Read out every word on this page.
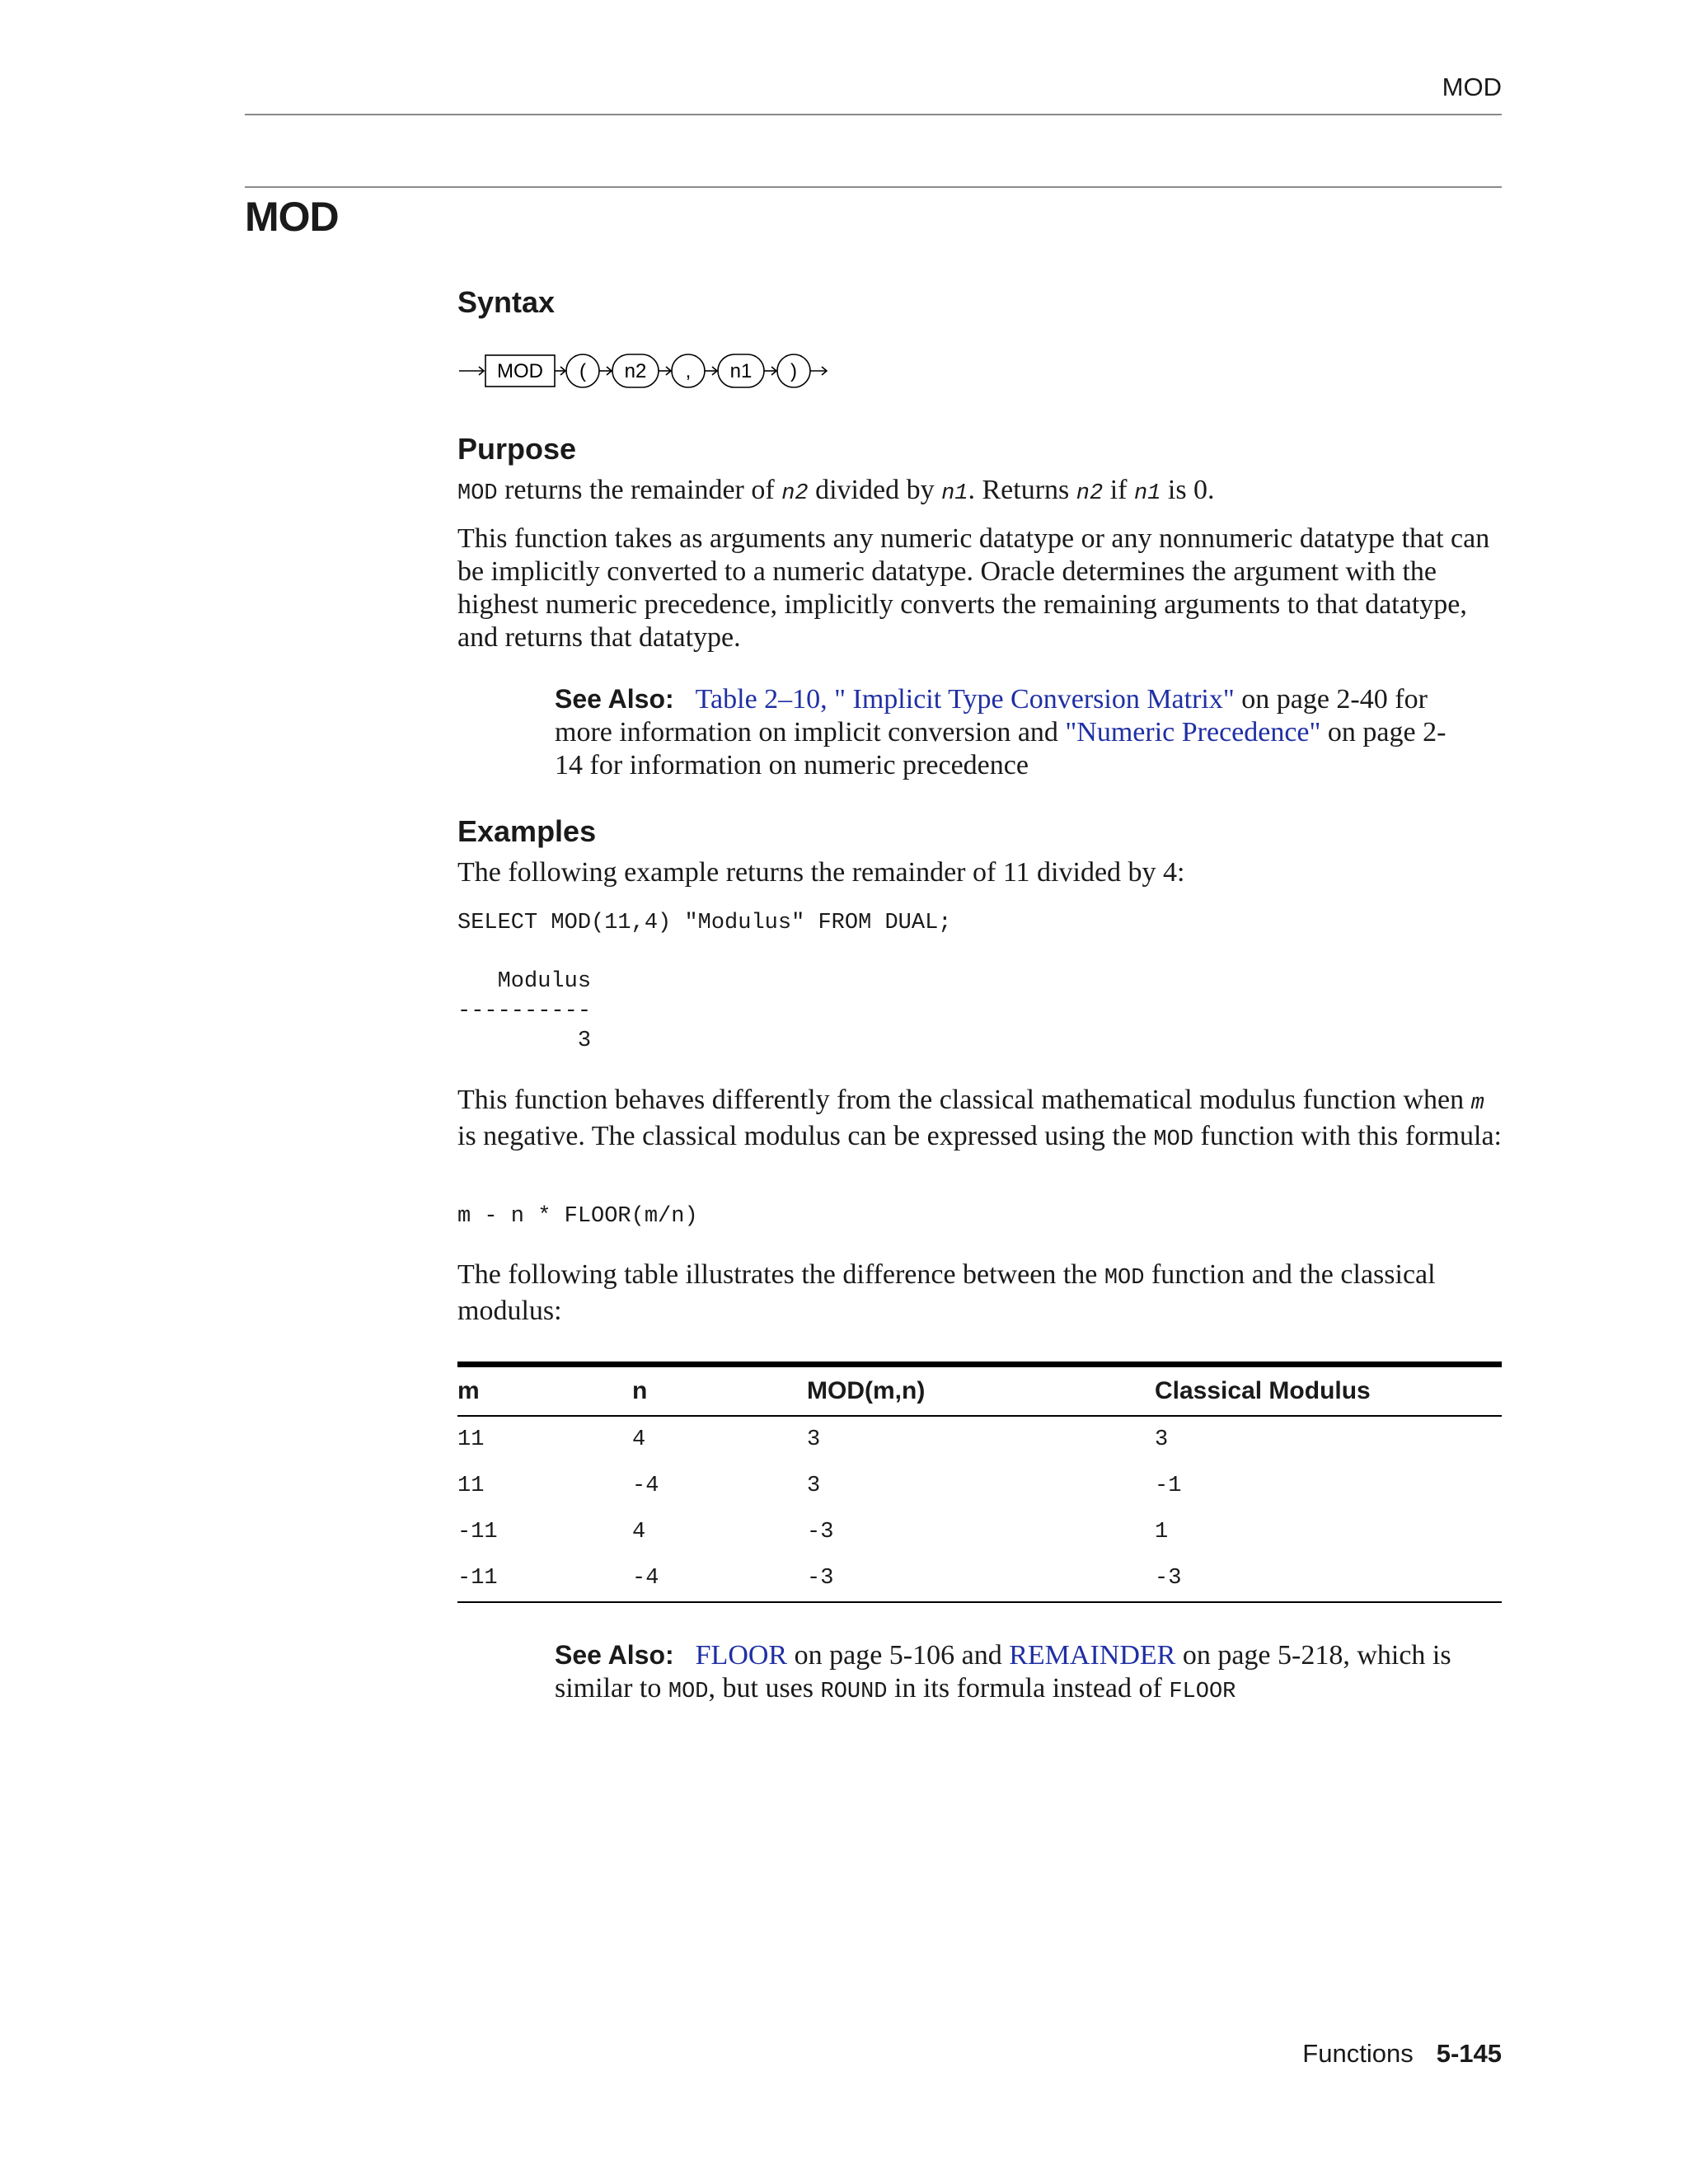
MOD
MOD
Syntax
MOD ( n2 , n1 )
Purpose
MOD returns the remainder of n2 divided by n1. Returns n2 if n1 is 0.
This function takes as arguments any numeric datatype or any nonnumeric datatype that can be implicitly converted to a numeric datatype. Oracle determines the argument with the highest numeric precedence, implicitly converts the remaining arguments to that datatype, and returns that datatype.
See Also: Table 2–10, " Implicit Type Conversion Matrix" on page 2-40 for more information on implicit conversion and "Numeric Precedence" on page 2-14 for information on numeric precedence
Examples
The following example returns the remainder of 11 divided by 4:
SELECT MOD(11,4) "Modulus" FROM DUAL;
Modulus
----------
3
This function behaves differently from the classical mathematical modulus function when m is negative. The classical modulus can be expressed using the MOD function with this formula:
m - n * FLOOR(m/n)
The following table illustrates the difference between the MOD function and the classical modulus:
m	n	MOD(m,n)	Classical Modulus
11	4	3	3
11	-4	3	-1
-11	4	-3	1
-11	-4	-3	-3
See Also: FLOOR on page 5-106 and REMAINDER on page 5-218, which is similar to MOD, but uses ROUND in its formula instead of FLOOR
Functions 5-145
